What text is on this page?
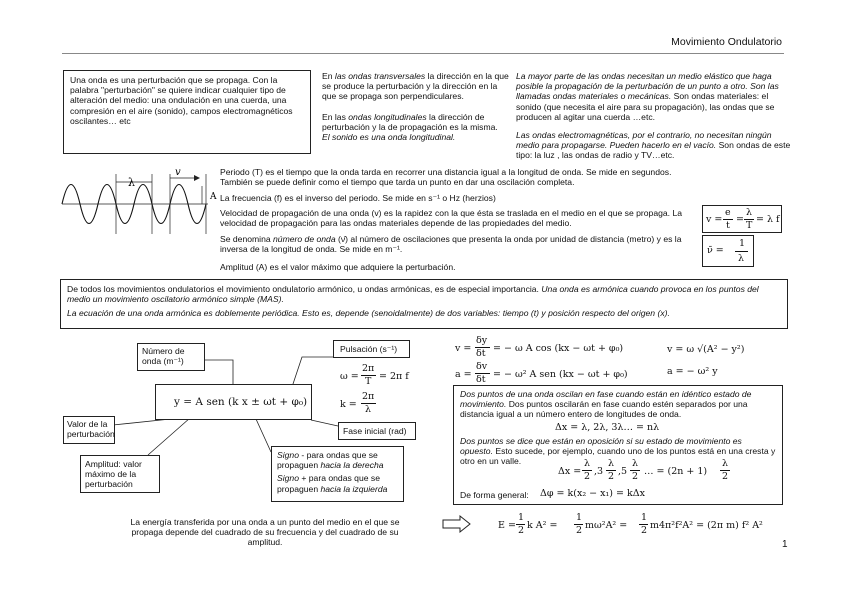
Movimiento Ondulatorio
Una onda es una perturbación que se propaga. Con la palabra "perturbación" se quiere indicar cualquier tipo de alteración del medio: una ondulación en una cuerda, una compresión en el aire (sonido), campos electromagnéticos oscilantes… etc
En las ondas transversales la dirección en la que se produce la perturbación y la dirección en la que se propaga son perpendiculares.
En las ondas longitudinales la dirección de perturbación y la de propagación es la misma.
El sonido es una onda longitudinal.
La mayor parte de las ondas necesitan un medio elástico que haga posible la propagación de la perturbación de un punto a otro. Son las llamadas ondas materiales o mecánicas. Son ondas materiales: el sonido (que necesita el aire para su propagación), las ondas que se producen al agitar una cuerda …etc.
Las ondas electromagnéticas, por el contrario, no necesitan ningún medio para propagarse. Pueden hacerlo en el vacío. Son ondas de este tipo: la luz , las ondas de radio y TV…etc.
λ
v
A
Periodo (T) es el tiempo que la onda tarda en recorrer una distancia igual a la longitud de onda. Se mide en segundos. También se puede definir como el tiempo que tarda un punto en dar una oscilación completa.
La frecuencia (f) es el inverso del periodo. Se mide en s⁻¹ o Hz (herzios)
Velocidad de propagación de una onda (v) es la rapidez con la que ésta se traslada en el medio en el que se propaga. La velocidad de propagación para las ondas materiales depende de las propiedades del medio.
Se denomina número de onda (ν̄) al número de oscilaciones que presenta la onda por unidad de distancia (metro) y es la inversa de la longitud de onda. Se mide en m⁻¹.
Amplitud (A) es el valor máximo que adquiere la perturbación.
v =
e
t
=
λ
T
= λ f
ν̄ =
1
λ
De todos los movimientos ondulatorios el movimiento ondulatorio armónico, u ondas armónicas, es de especial importancia. Una onda es armónica cuando provoca en los puntos del medio un movimiento oscilatorio armónico simple (MAS).
La ecuación de una onda armónica es doblemente periódica. Esto es, depende (senoidalmente) de dos variables: tiempo (t) y posición respecto del origen (x).
y = A sen (k x ± ωt + φ₀)
Número de onda (m⁻¹)
Pulsación (s⁻¹)
ω =
2π
T = 2π f
k =
2π
λ
Valor de la perturbación	Fase inicial (rad)
Amplitud: valor máximo de la perturbación
Signo - para ondas que se propaguen hacia la derecha
Signo + para ondas que se propaguen hacia la izquierda
v =
δy
δt = − ω A cos (kx − ωt + φ₀)
a =
δv
δt = − ω² A sen (kx − ωt + φ₀)
v = ω √(A² − y²)
a = − ω² y
Dos puntos de una onda oscilan en fase cuando están en idéntico estado de movimiento. Dos puntos oscilarán en fase cuando estén separados por una distancia igual a un número entero de longitudes de onda.
Δx = λ, 2λ, 3λ… = nλ
Dos puntos se dice que están en oposición si su estado de movimiento es opuesto. Esto sucede, por ejemplo, cuando uno de los puntos está en una cresta y otro en un valle.
Δx =
λ
2 ,3
λ
2 ,5
λ
2 … = (2n + 1)
λ
2
De forma general: Δφ = k(x₂ − x₁) = kΔx
La energía transferida por una onda a un punto del medio en el que se propaga depende del cuadrado de su frecuencia y del cuadrado de su amplitud.
E =
1
2 k A² =
1
2 mω²A² =
1
2 m4π²f²A² = (2π m) f² A²
1
